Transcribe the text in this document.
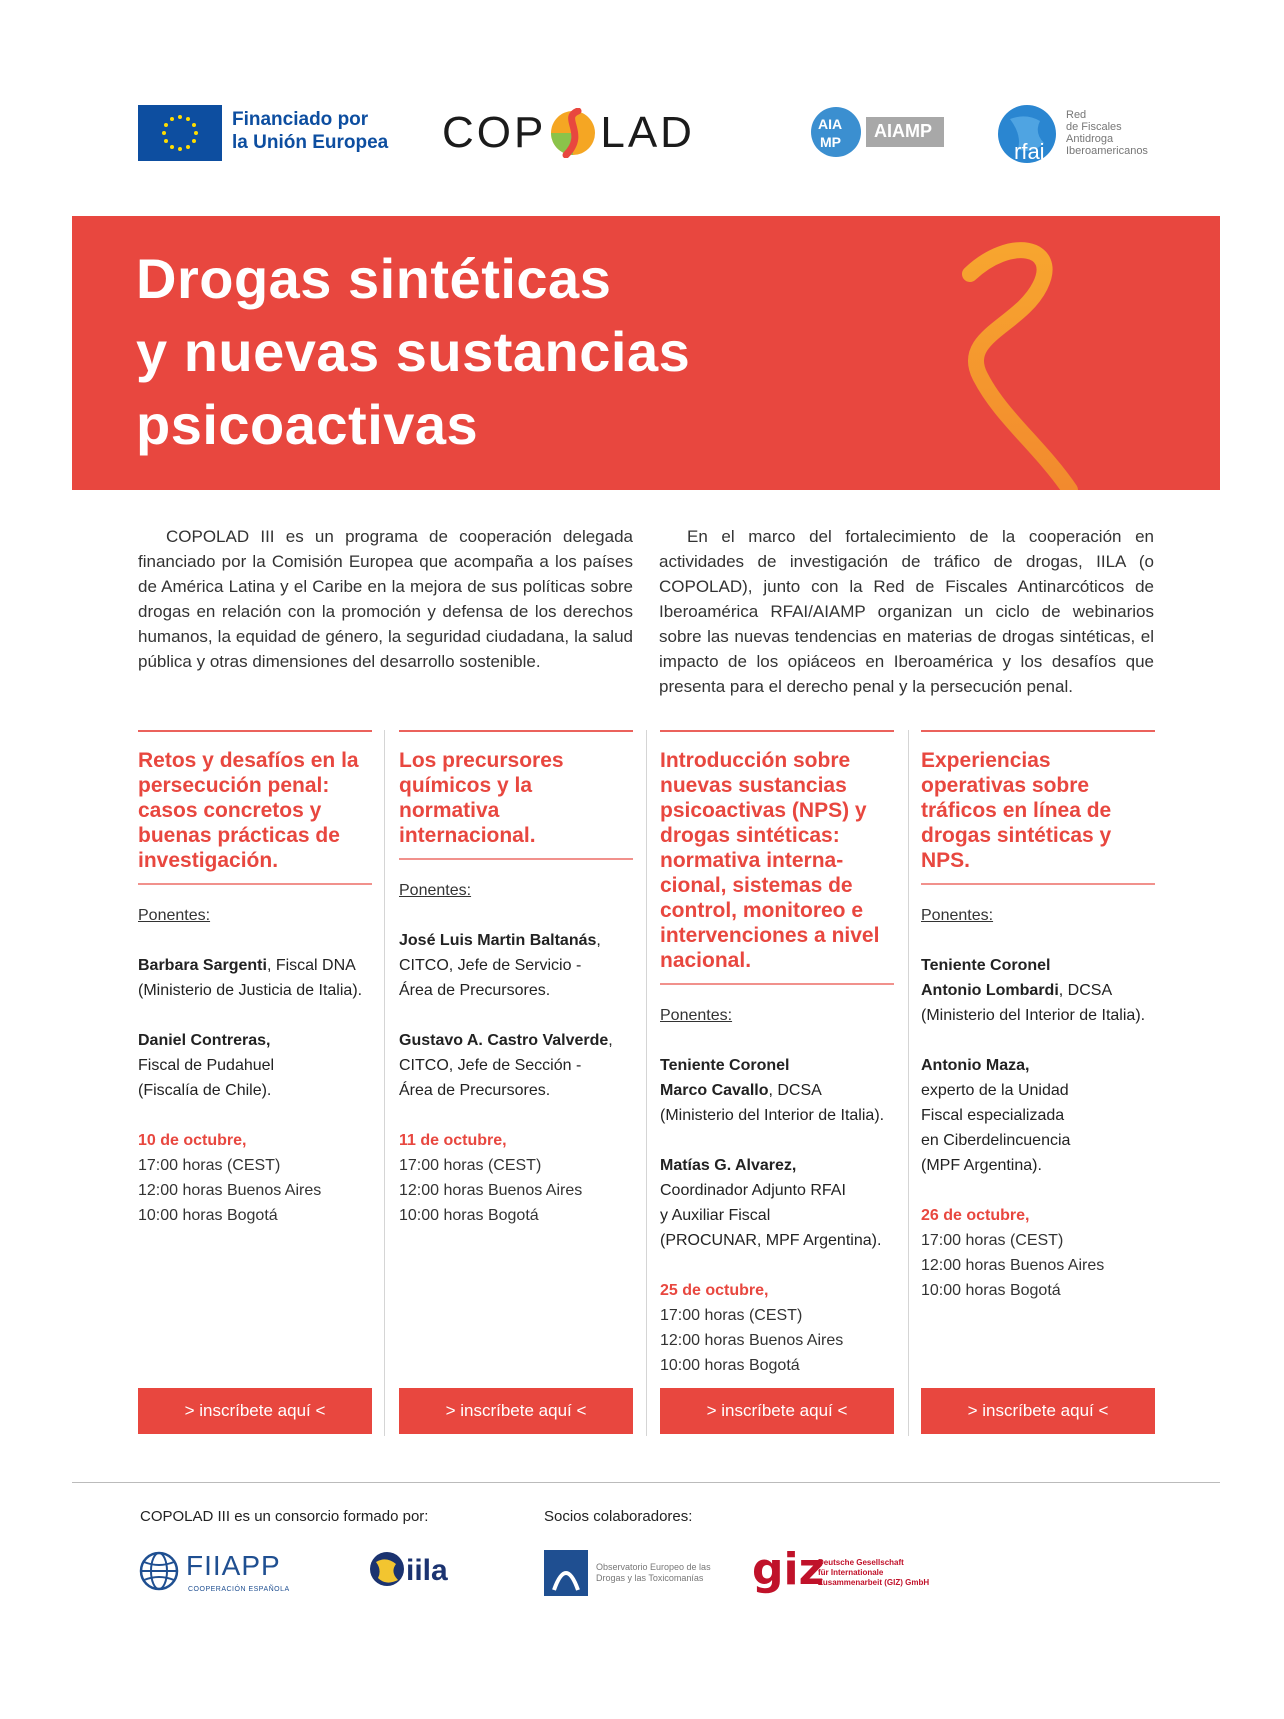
Financiado por
la Unión Europea COP LAD	AIA
MP
AIAMP
rfai
Red
de Fiscales
Antidroga
Iberoamericanos
Drogas sintéticas
y nuevas sustancias
psicoactivas

COPOLAD III es un programa de cooperación delegada financiado por la Comisión Europea que acompaña a los países de América Latina y el Caribe en la mejora de sus políticas sobre drogas en relación con la promoción y defensa de los derechos humanos, la equidad de género, la seguridad ciudadana, la salud pública y otras dimensiones del desarrollo sostenible.

En el marco del fortalecimiento de la cooperación en actividades de investigación de tráfico de drogas, IILA (o COPOLAD), junto con la Red de Fiscales Antinarcóticos de Iberoamérica RFAI/AIAMP organizan un ciclo de webinarios sobre las nuevas tendencias en materias de drogas sintéticas, el impacto de los opiáceos en Iberoamérica y los desafíos que presenta para el derecho penal y la persecución penal.

Retos y desafíos en la persecución penal: casos concretos y buenas prácticas de investigación.
Ponentes:
Barbara Sargenti, Fiscal DNA
(Ministerio de Justicia de Italia).
Daniel Contreras,
Fiscal de Pudahuel
(Fiscalía de Chile).
10 de octubre,
17:00 horas (CEST)
12:00 horas Buenos Aires
10:00 horas Bogotá
Los precursores químicos y la normativa internacional.
Ponentes:
José Luis Martin Baltanás,
CITCO, Jefe de Servicio -
Área de Precursores.
Gustavo A. Castro Valverde,
CITCO, Jefe de Sección -
Área de Precursores.
11 de octubre,
17:00 horas (CEST)
12:00 horas Buenos Aires
10:00 horas Bogotá
Introducción sobre nuevas sustancias psicoactivas (NPS) y drogas sintéticas: normativa interna-cional, sistemas de control, monitoreo e intervenciones a nivel nacional.
Ponentes:
Teniente Coronel
Marco Cavallo, DCSA
(Ministerio del Interior de Italia).
Matías G. Alvarez,
Coordinador Adjunto RFAI
y Auxiliar Fiscal
(PROCUNAR, MPF Argentina).
25 de octubre,
17:00 horas (CEST)
12:00 horas Buenos Aires
10:00 horas Bogotá
Experiencias operativas sobre tráficos en línea de drogas sintéticas y NPS.
Ponentes:
Teniente Coronel
Antonio Lombardi, DCSA
(Ministerio del Interior de Italia).
Antonio Maza,
experto de la Unidad
Fiscal especializada
en Ciberdelincuencia
(MPF Argentina).
26 de octubre,
17:00 horas (CEST)
12:00 horas Buenos Aires
10:00 horas Bogotá
> inscríbete aquí <	> inscríbete aquí <	> inscríbete aquí <	> inscríbete aquí <
COPOLAD III es un consorcio formado por:	Socios colaboradores:
FIIAPP
COOPERACIÓN ESPAÑOLA
iila	Observatorio Europeo de las Drogas y las Toxicomanías giz
Deutsche Gesellschaft
für Internationale
Zusammenarbeit (GIZ) GmbH
